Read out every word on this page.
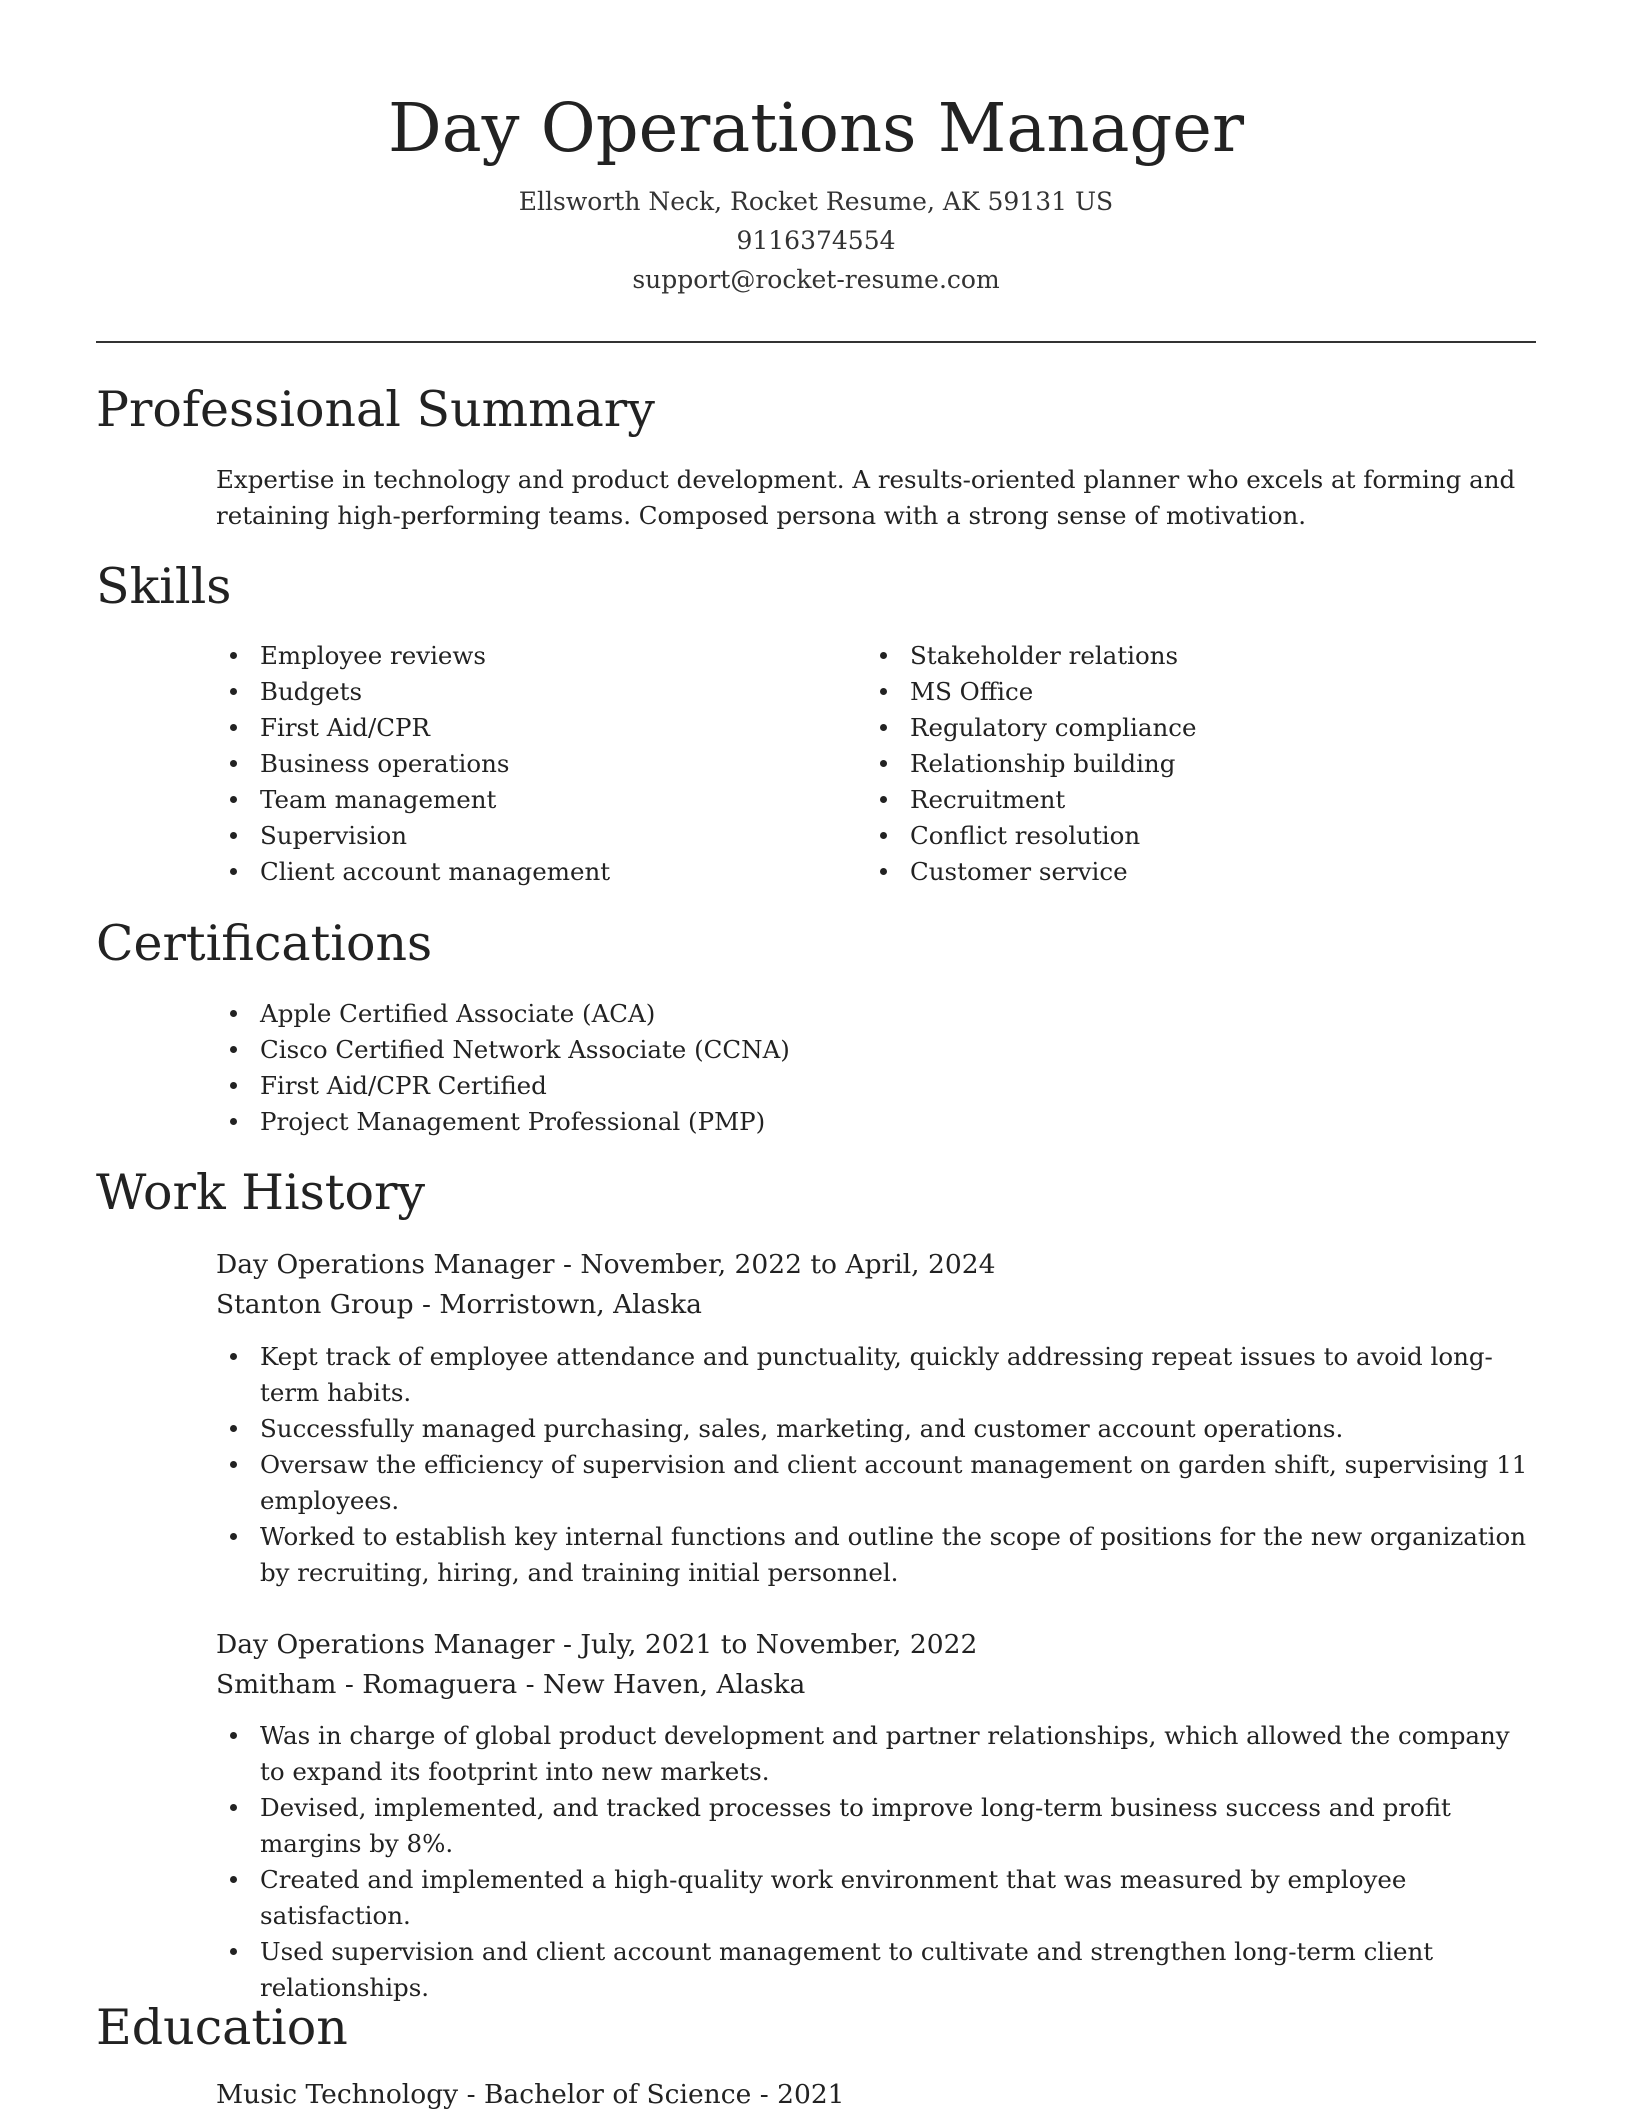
Day Operations Manager
Ellsworth Neck, Rocket Resume, AK 59131 US
9116374554
support@rocket-resume.com
Professional Summary
Expertise in technology and product development. A results-oriented planner who excels at forming and retaining high-performing teams. Composed persona with a strong sense of motivation.
Skills
Employee reviews
Budgets
First Aid/CPR
Business operations
Team management
Supervision
Client account management
Stakeholder relations
MS Office
Regulatory compliance
Relationship building
Recruitment
Conflict resolution
Customer service
Certifications
Apple Certified Associate (ACA)
Cisco Certified Network Associate (CCNA)
First Aid/CPR Certified
Project Management Professional (PMP)
Work History
Day Operations Manager - November, 2022 to April, 2024
Stanton Group - Morristown, Alaska
Kept track of employee attendance and punctuality, quickly addressing repeat issues to avoid long-term habits.
Successfully managed purchasing, sales, marketing, and customer account operations.
Oversaw the efficiency of supervision and client account management on garden shift, supervising 11 employees.
Worked to establish key internal functions and outline the scope of positions for the new organization by recruiting, hiring, and training initial personnel.
Day Operations Manager - July, 2021 to November, 2022
Smitham - Romaguera - New Haven, Alaska
Was in charge of global product development and partner relationships, which allowed the company to expand its footprint into new markets.
Devised, implemented, and tracked processes to improve long-term business success and profit margins by 8%.
Created and implemented a high-quality work environment that was measured by employee satisfaction.
Used supervision and client account management to cultivate and strengthen long-term client relationships.
Education
Music Technology - Bachelor of Science - 2021
